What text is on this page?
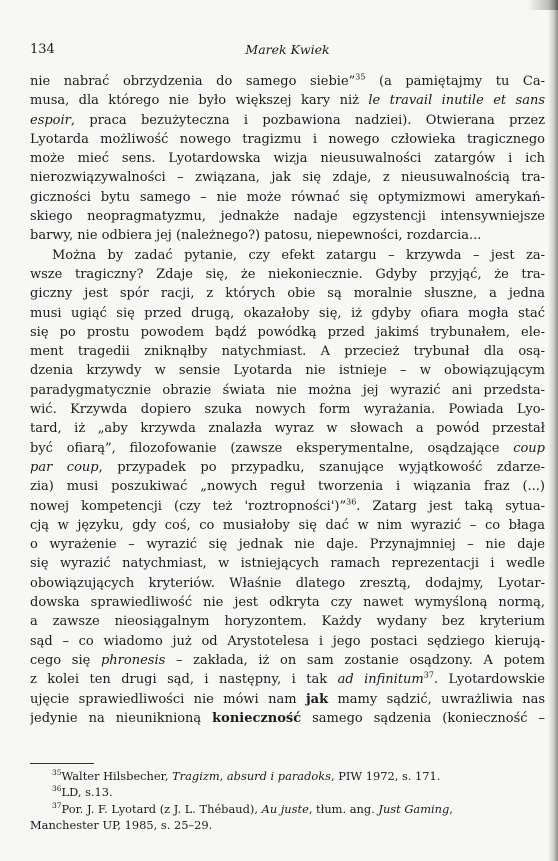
134	Marek Kwiek
nie nabrać obrzydzenia do samego siebie”$^{35}$ (a pamiętajmy tu Ca-
musa, dla którego nie było większej kary niż le travail inutile et sans
espoir, praca bezużyteczna i pozbawiona nadziei). Otwierana przez
Lyotarda możliwość nowego tragizmu i nowego człowieka tragicznego
może mieć sens. Lyotardowska wizja nieusuwalności zatargów i ich
nierozwiązywalności – związana, jak się zdaje, z nieusuwalnością tra-
giczności bytu samego – nie może równać się optymizmowi amerykań-
skiego neopragmatyzmu, jednakże nadaje egzystencji intensywniejsze
barwy, nie odbiera jej (należnego?) patosu, niepewności, rozdarcia...
Można by zadać pytanie, czy efekt zatargu – krzywda – jest za-
wsze tragiczny? Zdaje się, że niekoniecznie. Gdyby przyjąć, że tra-
giczny jest spór racji, z których obie są moralnie słuszne, a jedna
musi ugiąć się przed drugą, okazałoby się, iż gdyby ofiara mogła stać
się po prostu powodem bądź powódką przed jakimś trybunałem, ele-
ment tragedii zniknąłby natychmiast. A przecież trybunał dla osą-
dzenia krzywdy w sensie Lyotarda nie istnieje – w obowiązującym
paradygmatycznie obrazie świata nie można jej wyrazić ani przedsta-
wić. Krzywda dopiero szuka nowych form wyrażania. Powiada Lyo-
tard, iż „aby krzywda znalazła wyraz w słowach a powód przestał
być ofiarą”, filozofowanie (zawsze eksperymentalne, osądzające coup
par coup, przypadek po przypadku, szanujące wyjątkowość zdarze-
zia) musi poszukiwać „nowych reguł tworzenia i wiązania fraz (...)
nowej kompetencji (czy też 'roztropności')”$^{36}$. Zatarg jest taką sytua-
cją w języku, gdy coś, co musiałoby się dać w nim wyrazić – co błaga
o wyrażenie – wyrazić się jednak nie daje. Przynajmniej – nie daje
się wyrazić natychmiast, w istniejących ramach reprezentacji i wedle
obowiązujących kryteriów. Właśnie dlatego zresztą, dodajmy, Lyotar-
dowska sprawiedliwość nie jest odkryta czy nawet wymyśloną normą,
a zawsze nieosiągalnym horyzontem. Każdy wydany bez kryterium
sąd – co wiadomo już od Arystotelesa i jego postaci sędziego kierują-
cego się phronesis – zakłada, iż on sam zostanie osądzony. A potem
z kolei ten drugi sąd, i następny, i tak ad infinitum$^{37}$. Lyotardowskie
ujęcie sprawiedliwości nie mówi nam jak mamy sądzić, uwrażliwia nas
jedynie na nieuniknioną konieczność samego sądzenia (konieczność –
$^{35}$Walter Hilsbecher, Tragizm, absurd i paradoks, PIW 1972, s. 171.
$^{36}$LD, s.13.
$^{37}$Por. J. F. Lyotard (z J. L. Thébaud), Au juste, tłum. ang. Just Gaming,
Manchester UP, 1985, s. 25–29.
